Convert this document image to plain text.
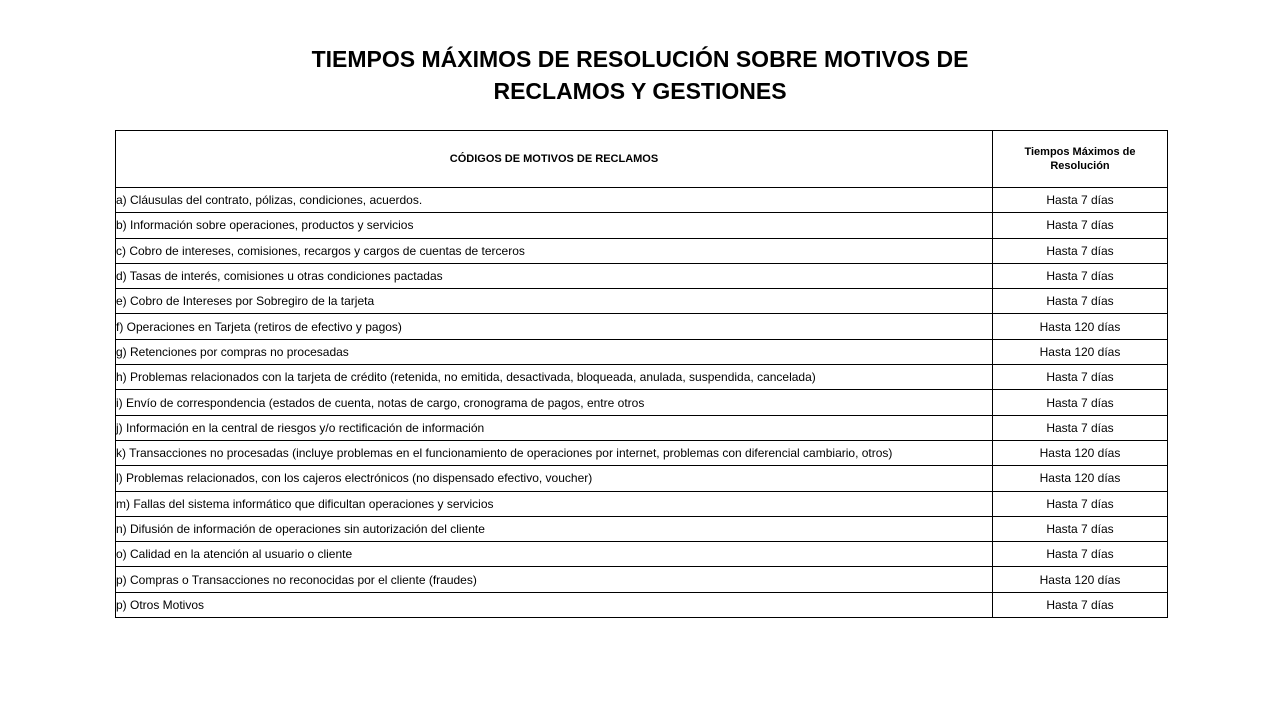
TIEMPOS MÁXIMOS DE RESOLUCIÓN SOBRE MOTIVOS DE
RECLAMOS Y GESTIONES
CÓDIGOS DE MOTIVOS DE RECLAMOS	Tiempos Máximos de Resolución
a) Cláusulas del contrato, pólizas, condiciones, acuerdos.	Hasta 7 días
b) Información sobre operaciones, productos y servicios	Hasta 7 días
c) Cobro de intereses, comisiones, recargos y cargos de cuentas de terceros	Hasta 7 días
d) Tasas de interés, comisiones u otras condiciones pactadas	Hasta 7 días
e) Cobro de Intereses por Sobregiro de la tarjeta	Hasta 7 días
f) Operaciones en Tarjeta (retiros de efectivo y pagos)	Hasta 120 días
g) Retenciones por compras no procesadas	Hasta 120 días
h) Problemas relacionados con la tarjeta de crédito (retenida, no emitida, desactivada, bloqueada, anulada, suspendida, cancelada)	Hasta 7 días
i) Envío de correspondencia (estados de cuenta, notas de cargo, cronograma de pagos, entre otros	Hasta 7 días
j) Información en la central de riesgos y/o rectificación de información	Hasta 7 días
k) Transacciones no procesadas (incluye problemas en el funcionamiento de operaciones por internet, problemas con diferencial cambiario, otros)	Hasta 120 días
l) Problemas relacionados, con los cajeros electrónicos (no dispensado efectivo, voucher)	Hasta 120 días
m) Fallas del sistema informático que dificultan operaciones y servicios	Hasta 7 días
n) Difusión de información de operaciones sin autorización del cliente	Hasta 7 días
o) Calidad en la atención al usuario o cliente	Hasta 7 días
p) Compras o Transacciones no reconocidas por el cliente (fraudes)	Hasta 120 días
p) Otros Motivos	Hasta 7 días
